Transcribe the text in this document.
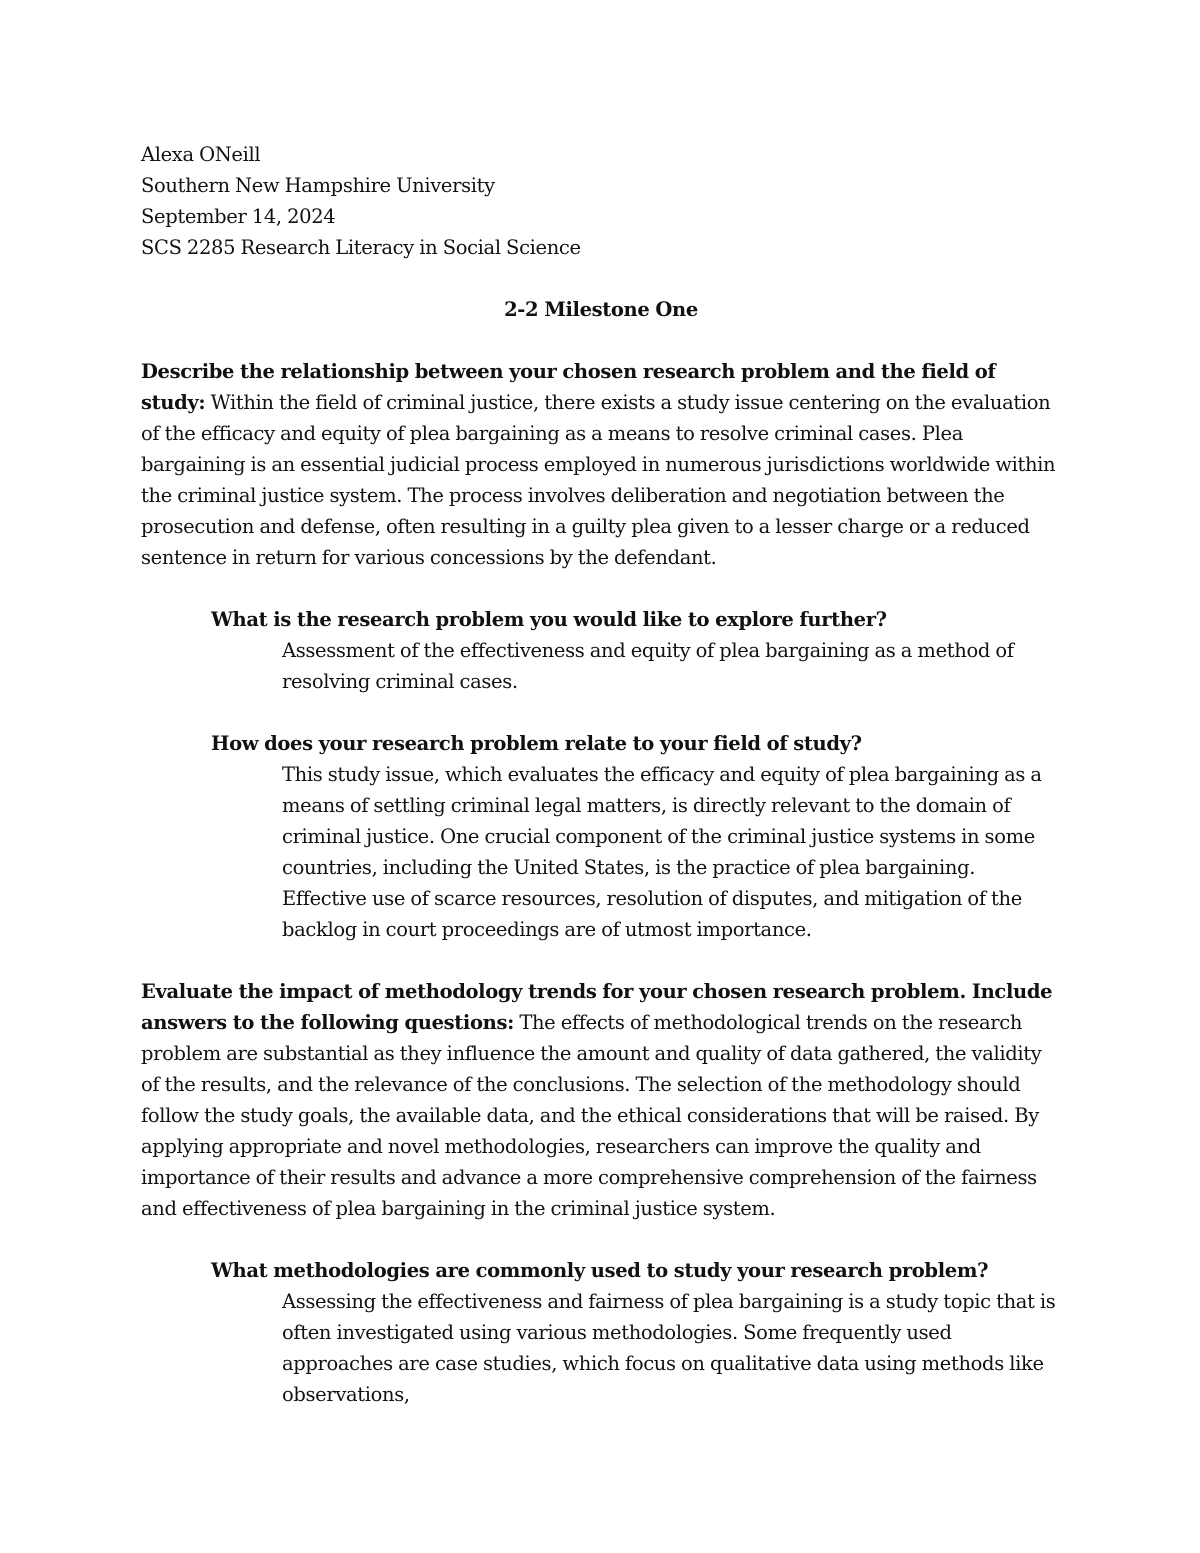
Alexa ONeill

Southern New Hampshire University

September 14, 2024

SCS 2285 Research Literacy in Social Science

2-2 Milestone One

Describe the relationship between your chosen research problem and the field of study: Within the field of criminal justice, there exists a study issue centering on the evaluation of the efficacy and equity of plea bargaining as a means to resolve criminal cases. Plea bargaining is an essential judicial process employed in numerous jurisdictions worldwide within the criminal justice system. The process involves deliberation and negotiation between the prosecution and defense, often resulting in a guilty plea given to a lesser charge or a reduced sentence in return for various concessions by the defendant.

What is the research problem you would like to explore further?

Assessment of the effectiveness and equity of plea bargaining as a method of resolving criminal cases.

How does your research problem relate to your field of study?

This study issue, which evaluates the efficacy and equity of plea bargaining as a means of settling criminal legal matters, is directly relevant to the domain of criminal justice. One crucial component of the criminal justice systems in some countries, including the United States, is the practice of plea bargaining. Effective use of scarce resources, resolution of disputes, and mitigation of the backlog in court proceedings are of utmost importance.

Evaluate the impact of methodology trends for your chosen research problem. Include answers to the following questions: The effects of methodological trends on the research problem are substantial as they influence the amount and quality of data gathered, the validity of the results, and the relevance of the conclusions. The selection of the methodology should follow the study goals, the available data, and the ethical considerations that will be raised. By applying appropriate and novel methodologies, researchers can improve the quality and importance of their results and advance a more comprehensive comprehension of the fairness and effectiveness of plea bargaining in the criminal justice system.

What methodologies are commonly used to study your research problem?

Assessing the effectiveness and fairness of plea bargaining is a study topic that is often investigated using various methodologies. Some frequently used approaches are case studies, which focus on qualitative data using methods like observations,
